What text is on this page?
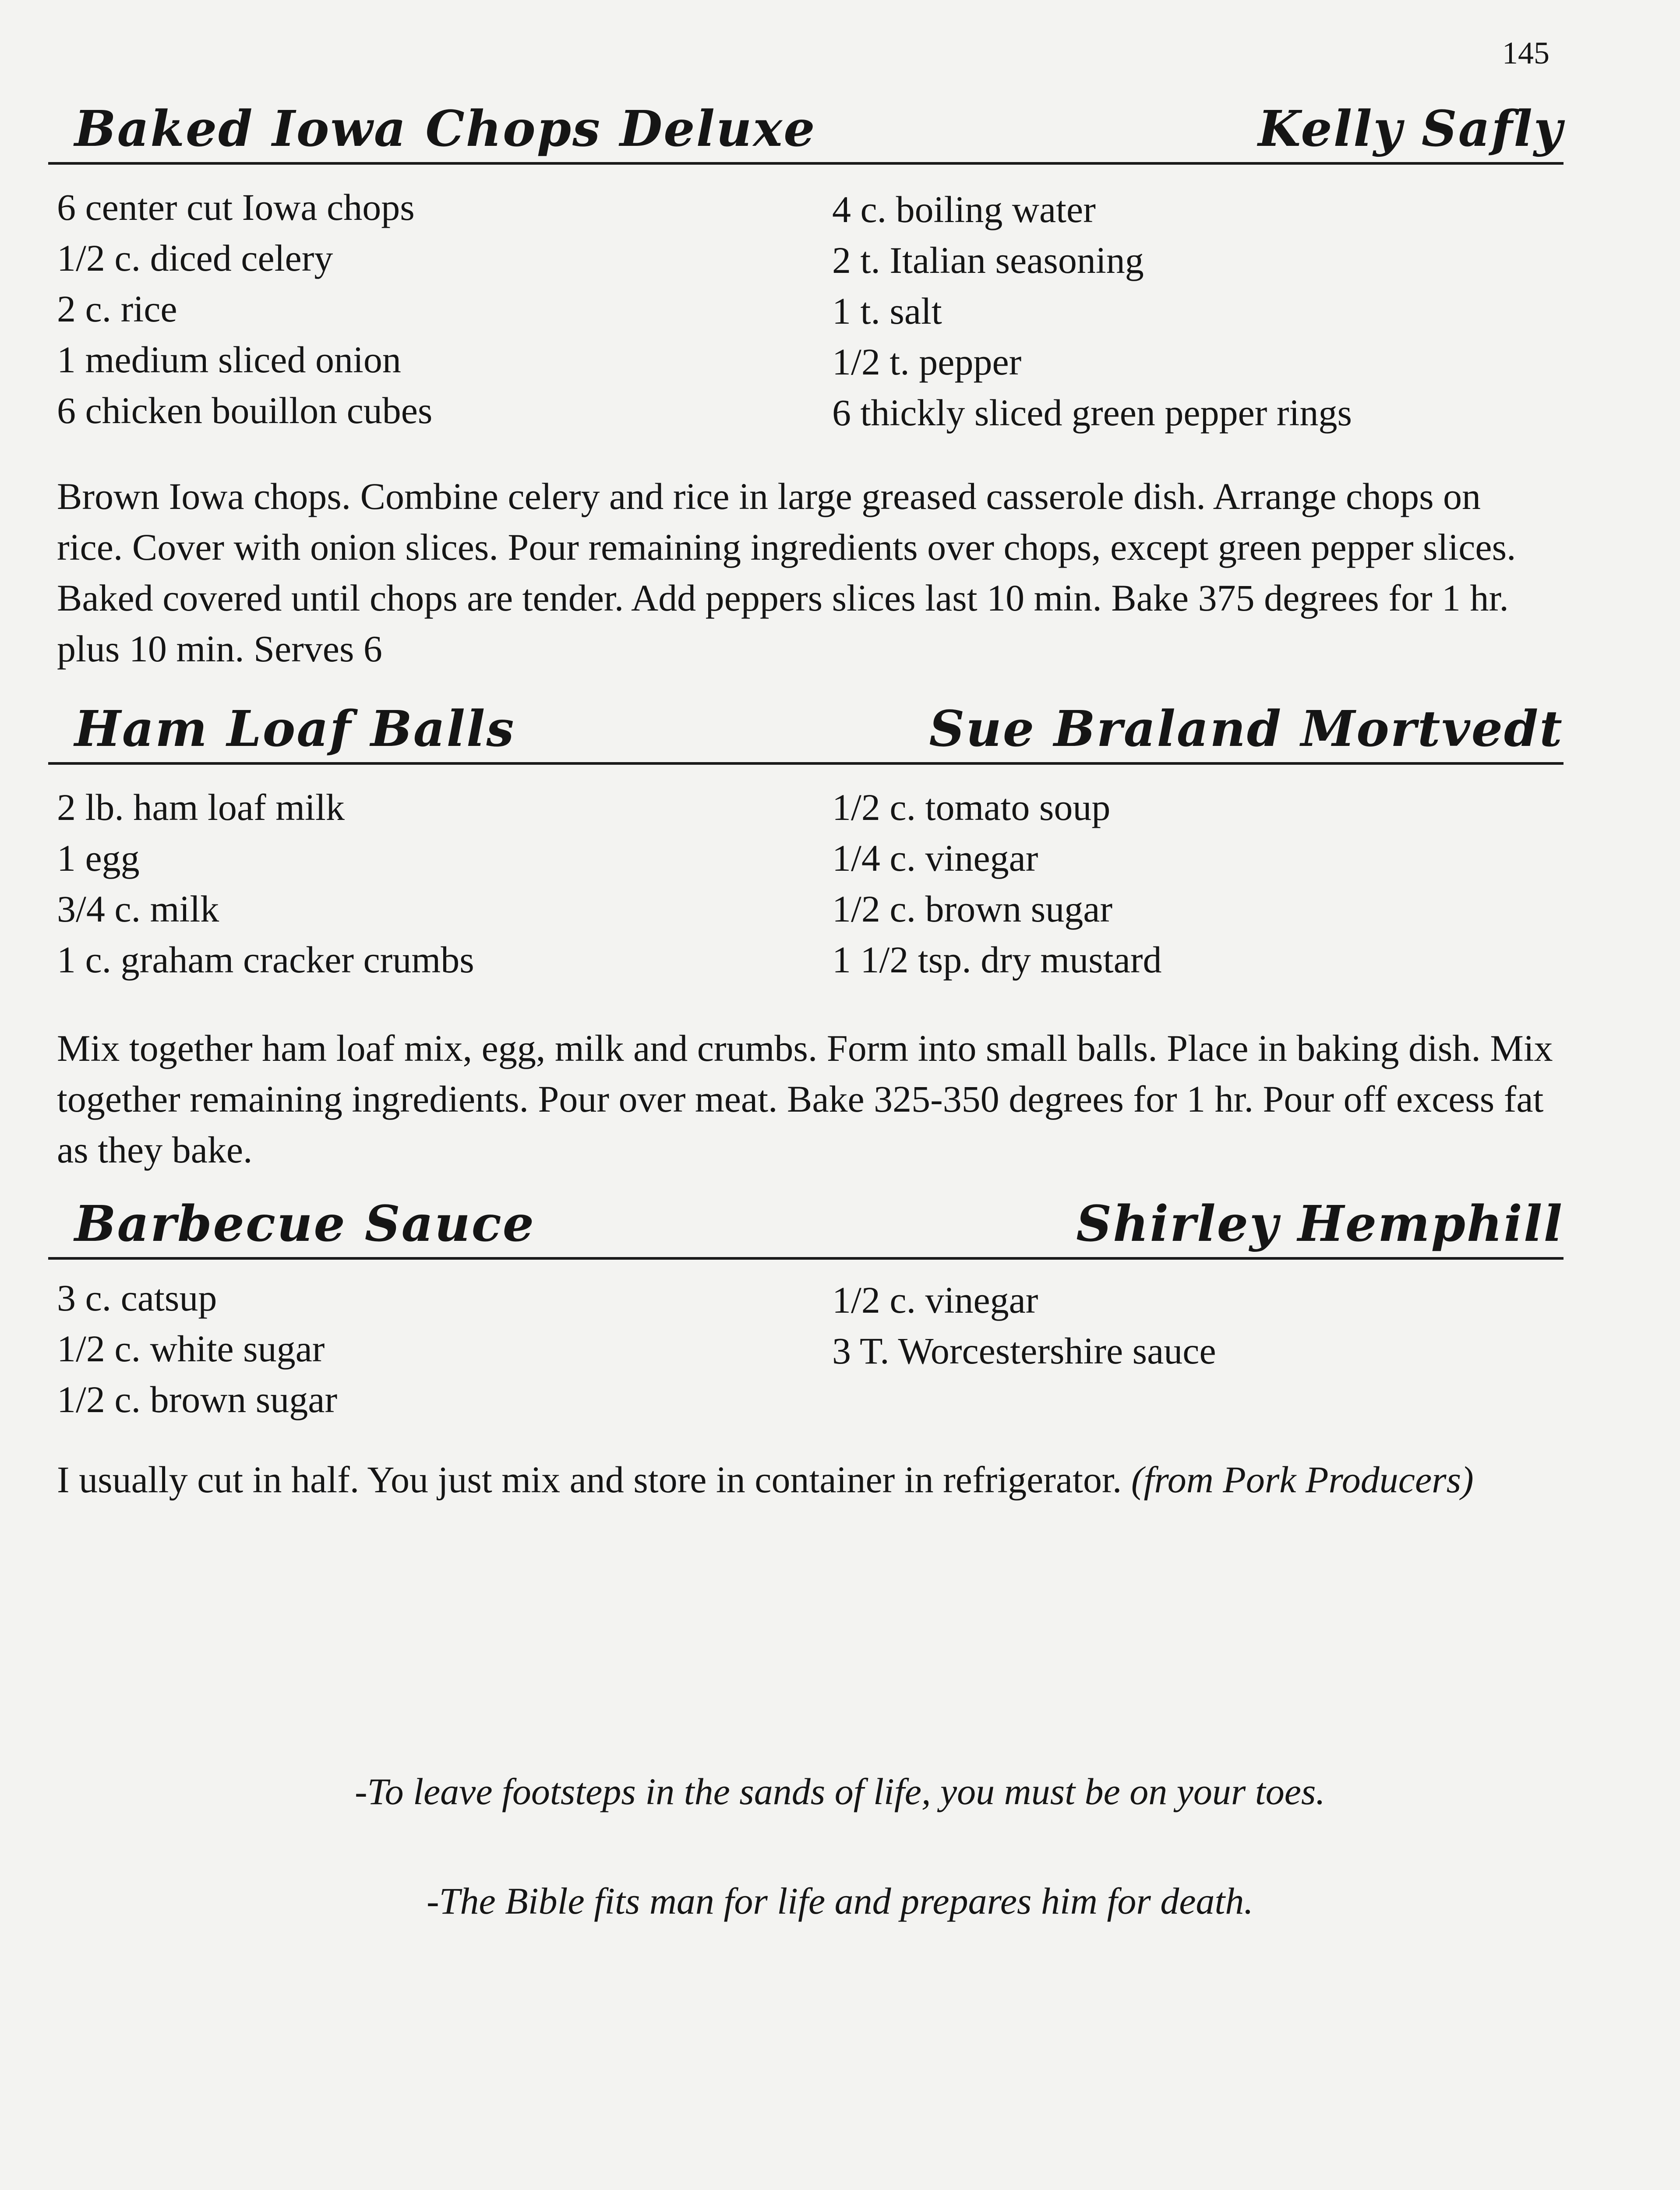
145
Baked Iowa Chops Deluxe	Kelly Safly
6 center cut Iowa chops
1/2 c. diced celery
2 c. rice
1 medium sliced onion
6 chicken bouillon cubes
4 c. boiling water
2 t. Italian seasoning
1 t. salt
1/2 t. pepper
6 thickly sliced green pepper rings

Brown Iowa chops. Combine celery and rice in large greased casserole dish. Arrange chops on rice. Cover with onion slices. Pour remaining ingredients over chops, except green pepper slices. Baked covered until chops are tender. Add peppers slices last 10 min. Bake 375 degrees for 1 hr. plus 10 min. Serves 6

Ham Loaf Balls	Sue Braland Mortvedt
2 lb. ham loaf milk
1 egg
3/4 c. milk
1 c. graham cracker crumbs
1/2 c. tomato soup
1/4 c. vinegar
1/2 c. brown sugar
1 1/2 tsp. dry mustard

Mix together ham loaf mix, egg, milk and crumbs. Form into small balls. Place in baking dish. Mix together remaining ingredients. Pour over meat. Bake 325-350 degrees for 1 hr. Pour off excess fat as they bake.

Barbecue Sauce	Shirley Hemphill
3 c. catsup
1/2 c. white sugar
1/2 c. brown sugar
1/2 c. vinegar
3 T. Worcestershire sauce

I usually cut in half. You just mix and store in container in refrigerator. (from Pork Producers)

-To leave footsteps in the sands of life, you must be on your toes.

-The Bible fits man for life and prepares him for death.
